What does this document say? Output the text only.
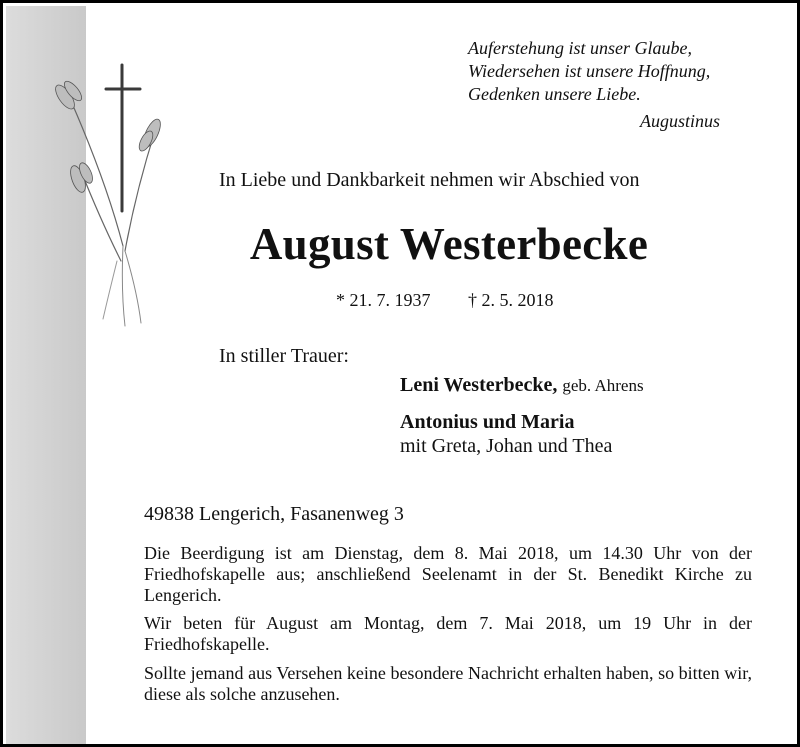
Auferstehung ist unser Glaube,
Wiedersehen ist unsere Hoffnung,
Gedenken unsere Liebe.
Augustinus
In Liebe und Dankbarkeit nehmen wir Abschied von
August Westerbecke
* 21. 7. 1937 † 2. 5. 2018
In stiller Trauer:
Leni Westerbecke, geb. Ahrens
Antonius und Maria
mit Greta, Johan und Thea
49838 Lengerich, Fasanenweg 3
Die Beerdigung ist am Dienstag, dem 8. Mai 2018, um 14.30 Uhr von der Friedhofskapelle aus; anschließend Seelenamt in der St. Benedikt Kirche zu Lengerich.
Wir beten für August am Montag, dem 7. Mai 2018, um 19 Uhr in der Friedhofskapelle.
Sollte jemand aus Versehen keine besondere Nachricht erhalten haben, so bitten wir, diese als solche anzusehen.
